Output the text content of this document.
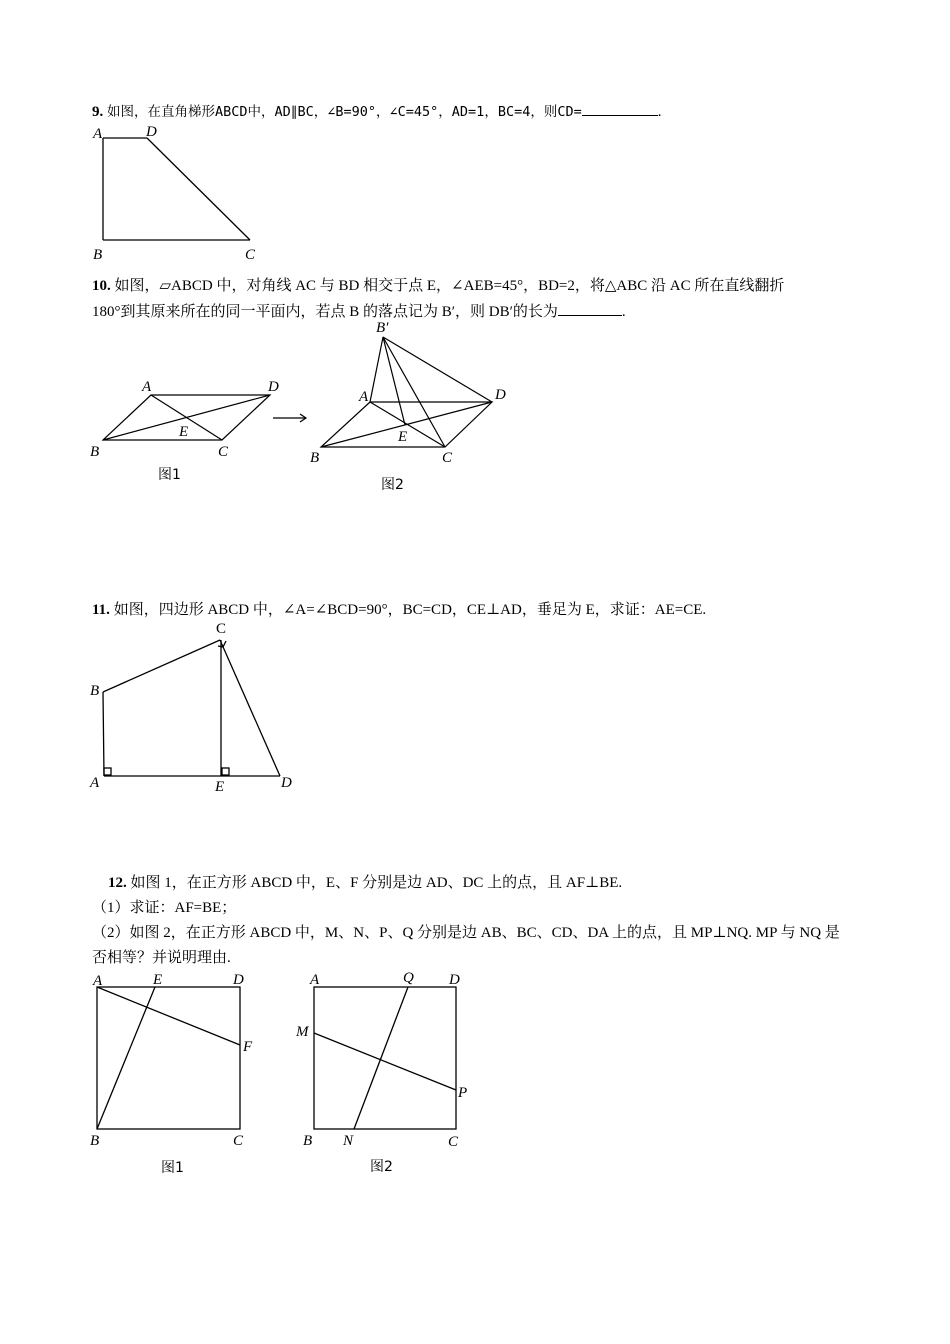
9. 如图，在直角梯形ABCD中，AD∥BC，∠B=90°，∠C=45°，AD=1，BC=4，则CD=	.
A	D
B	C
10. 如图，▱ABCD 中，对角线 AC 与 BD 相交于点 E，∠AEB=45°，BD=2，将△ABC 沿 AC 所在直线翻折
180°到其原来所在的同一平面内，若点 B 的落点记为 B′，则 DB′的长为	.
A	D
B	C
E
图1
B′
A	D
B	C
E
图2
11. 如图，四边形 ABCD 中，∠A=∠BCD=90°，BC=CD，CE⊥AD，垂足为 E，求证：AE=CE.
C
B
A	E	D
12. 如图 1，在正方形 ABCD 中，E、F 分别是边 AD、DC 上的点，且 AF⊥BE.
（1）求证：AF=BE；
（2）如图 2，在正方形 ABCD 中，M、N、P、Q 分别是边 AB、BC、CD、DA 上的点，且 MP⊥NQ. MP 与 NQ 是
否相等？并说明理由.
A	E	D
F
B	C
图1
A	Q D
M
P
B N	C
图2
